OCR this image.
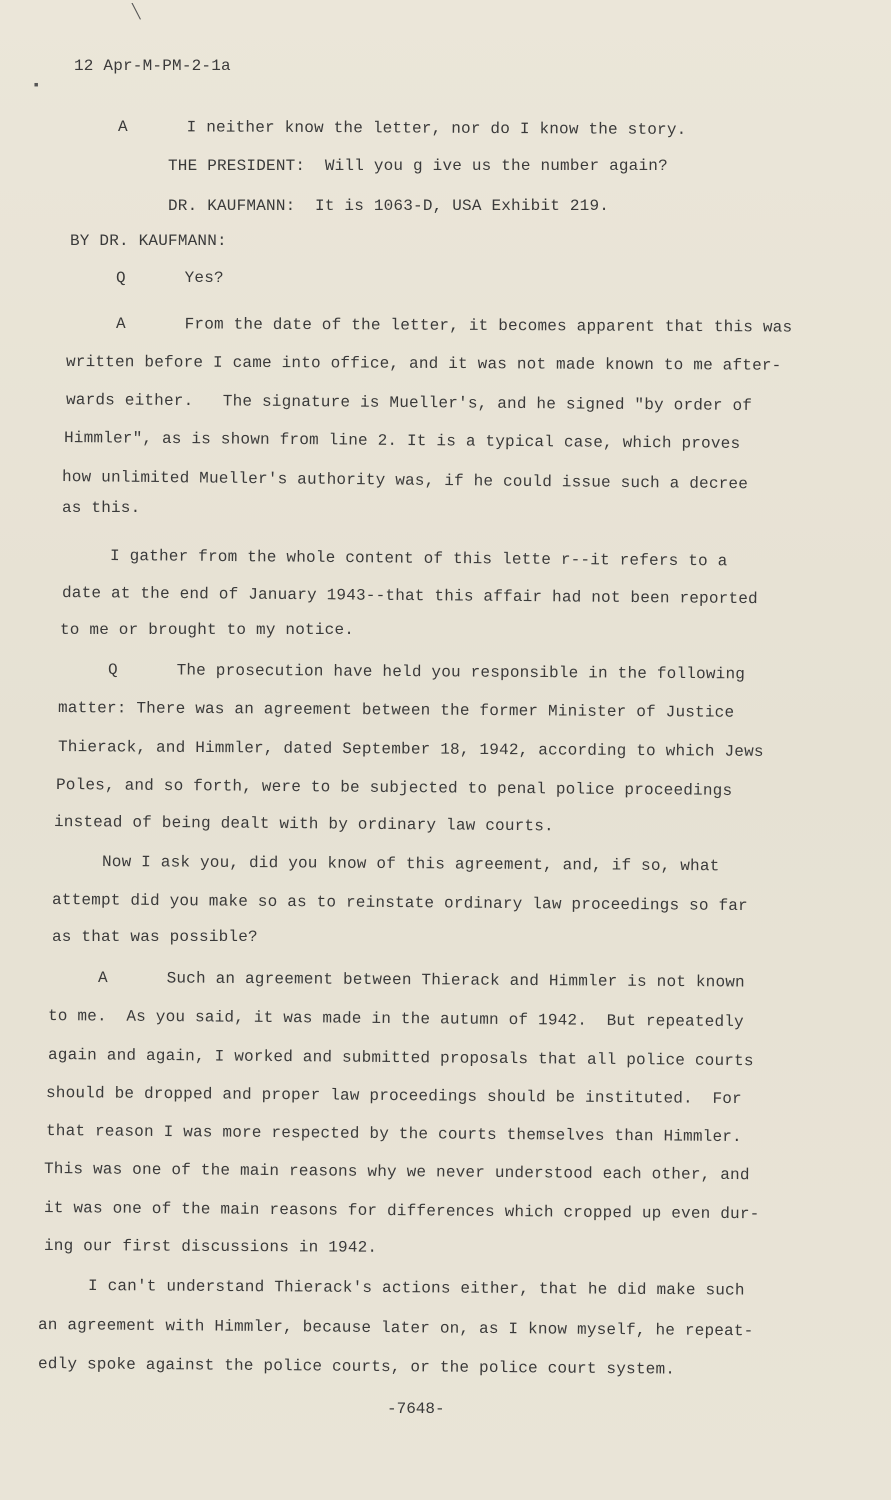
╲
▪
12 Apr-M-PM-2-1a
A      I neither know the letter, nor do I know the story.
THE PRESIDENT:  Will you g ive us the number again?
DR. KAUFMANN:  It is 1063-D, USA Exhibit 219.
BY DR. KAUFMANN:
Q      Yes?
A      From the date of the letter, it becomes apparent that this was
written before I came into office, and it was not made known to me after-
wards either.   The signature is Mueller's, and he signed "by order of
Himmler", as is shown from line 2. It is a typical case, which proves
how unlimited Mueller's authority was, if he could issue such a decree
as this.
I gather from the whole content of this lette r--it refers to a
date at the end of January 1943--that this affair had not been reported
to me or brought to my notice.
Q      The prosecution have held you responsible in the following
matter: There was an agreement between the former Minister of Justice
Thierack, and Himmler, dated September 18, 1942, according to which Jews
Poles, and so forth, were to be subjected to penal police proceedings
instead of being dealt with by ordinary law courts.
Now I ask you, did you know of this agreement, and, if so, what
attempt did you make so as to reinstate ordinary law proceedings so far
as that was possible?
A      Such an agreement between Thierack and Himmler is not known
to me.  As you said, it was made in the autumn of 1942.  But repeatedly
again and again, I worked and submitted proposals that all police courts
should be dropped and proper law proceedings should be instituted.  For
that reason I was more respected by the courts themselves than Himmler.
This was one of the main reasons why we never understood each other, and
it was one of the main reasons for differences which cropped up even dur-
ing our first discussions in 1942.
I can't understand Thierack's actions either, that he did make such
an agreement with Himmler, because later on, as I know myself, he repeat-
edly spoke against the police courts, or the police court system.
-7648-
